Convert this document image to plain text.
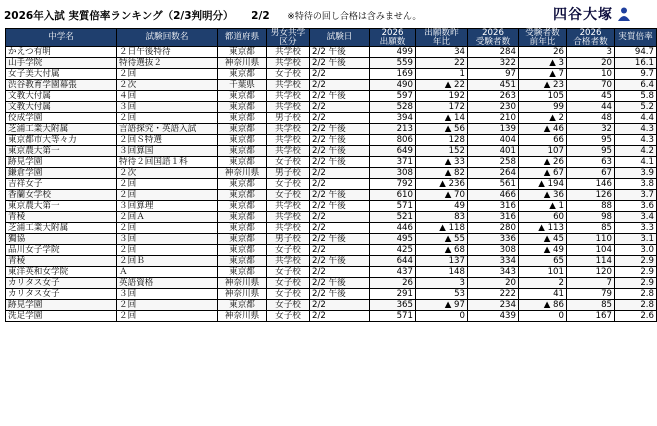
2026年入試 実質倍率ランキング（2/3判明分） 2/2 ※特待の回し合格は含みません。	四谷大塚
中学名	試験回数名	都道府県	男女共学
区分	試験日	2026
出願数	出願数昨
年比	2026
受験者数	受験者数
前年比	2026
合格者数	実質倍率
かえつ有明	２日午後特待	東京都	共学校	2/2 午後	499	34	284	26	3	94.7
山手学院	特待選抜２	神奈川県	共学校	2/2 午後	559	22	322	▲ 3	20	16.1
女子美大付属	２回	東京都	女子校	2/2	169	1	97	▲ 7	10	9.7
渋谷教育学園幕張	２次	千葉県	共学校	2/2	490	▲ 22	451	▲ 23	70	6.4
文教大付属	４回	東京都	共学校	2/2 午後	597	192	263	105	45	5.8
文教大付属	３回	東京都	共学校	2/2	528	172	230	99	44	5.2
佼成学園	２回	東京都	男子校	2/2	394	▲ 14	210	▲ 2	48	4.4
芝浦工業大附属	言語探究・英語入試	東京都	共学校	2/2 午後	213	▲ 56	139	▲ 46	32	4.3
東京都市大等々力	２回Ｓ特選	東京都	共学校	2/2 午後	806	128	404	66	95	4.3
東京農大第一	３回算国	東京都	共学校	2/2 午後	649	152	401	107	95	4.2
跡見学園	特待２回国語１科	東京都	女子校	2/2 午後	371	▲ 33	258	▲ 26	63	4.1
鎌倉学園	２次	神奈川県	男子校	2/2	308	▲ 82	264	▲ 67	67	3.9
吉祥女子	２回	東京都	女子校	2/2	792	▲ 236	561	▲ 194	146	3.8
香蘭女学校	２回	東京都	女子校	2/2 午後	610	▲ 70	466	▲ 36	126	3.7
東京農大第一	３回算理	東京都	共学校	2/2 午後	571	49	316	▲ 1	88	3.6
青稜	２回Ａ	東京都	共学校	2/2	521	83	316	60	98	3.4
芝浦工業大附属	２回	東京都	共学校	2/2	446	▲ 118	280	▲ 113	85	3.3
獨協	３回	東京都	男子校	2/2 午後	495	▲ 55	336	▲ 45	110	3.1
品川女子学院	２回	東京都	女子校	2/2	425	▲ 68	308	▲ 49	104	3.0
青稜	２回Ｂ	東京都	共学校	2/2 午後	644	137	334	65	114	2.9
東洋英和女学院	Ａ	東京都	女子校	2/2	437	148	343	101	120	2.9
カリタス女子	英語資格	神奈川県	女子校	2/2 午後	26	3	20	2	7	2.9
カリタス女子	３回	神奈川県	女子校	2/2 午後	291	53	222	41	79	2.8
跡見学園	２回	東京都	女子校	2/2	365	▲ 97	234	▲ 86	85	2.8
洗足学園	２回	神奈川県	女子校	2/2	571	0	439	0	167	2.6
